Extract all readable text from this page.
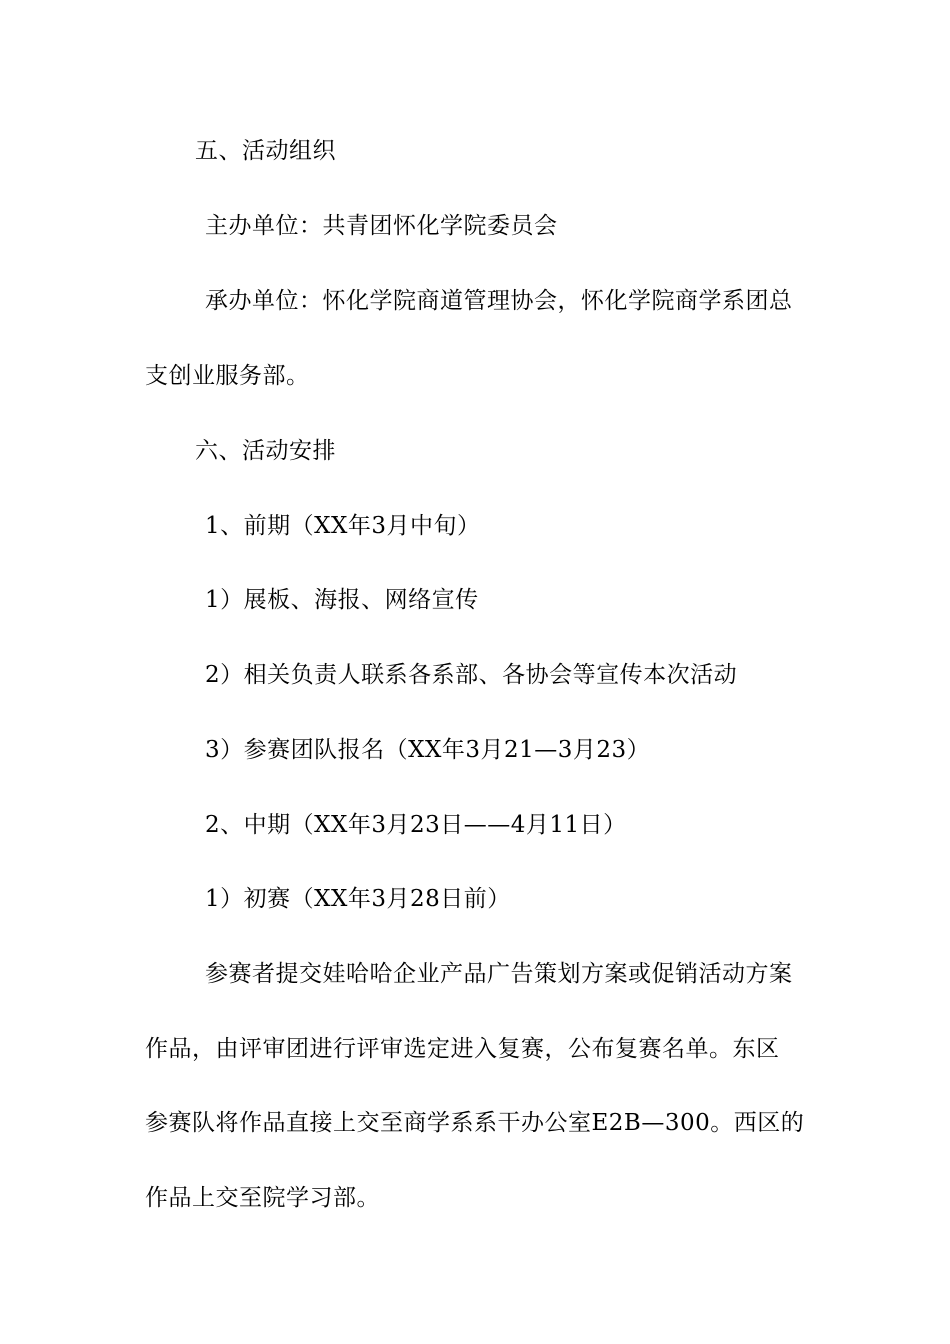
五、活动组织
主办单位：共青团怀化学院委员会
承办单位：怀化学院商道管理协会，怀化学院商学系团总
支创业服务部。
六、活动安排
1、前期（XX年3月中旬）
1）展板、海报、网络宣传
2）相关负责人联系各系部、各协会等宣传本次活动
3）参赛团队报名（XX年3月21—3月23）
2、中期（XX年3月23日——4月11日）
1）初赛（XX年3月28日前）
参赛者提交娃哈哈企业产品广告策划方案或促销活动方案
作品，由评审团进行评审选定进入复赛，公布复赛名单。东区
参赛队将作品直接上交至商学系系干办公室E2B—300。西区的
作品上交至院学习部。
